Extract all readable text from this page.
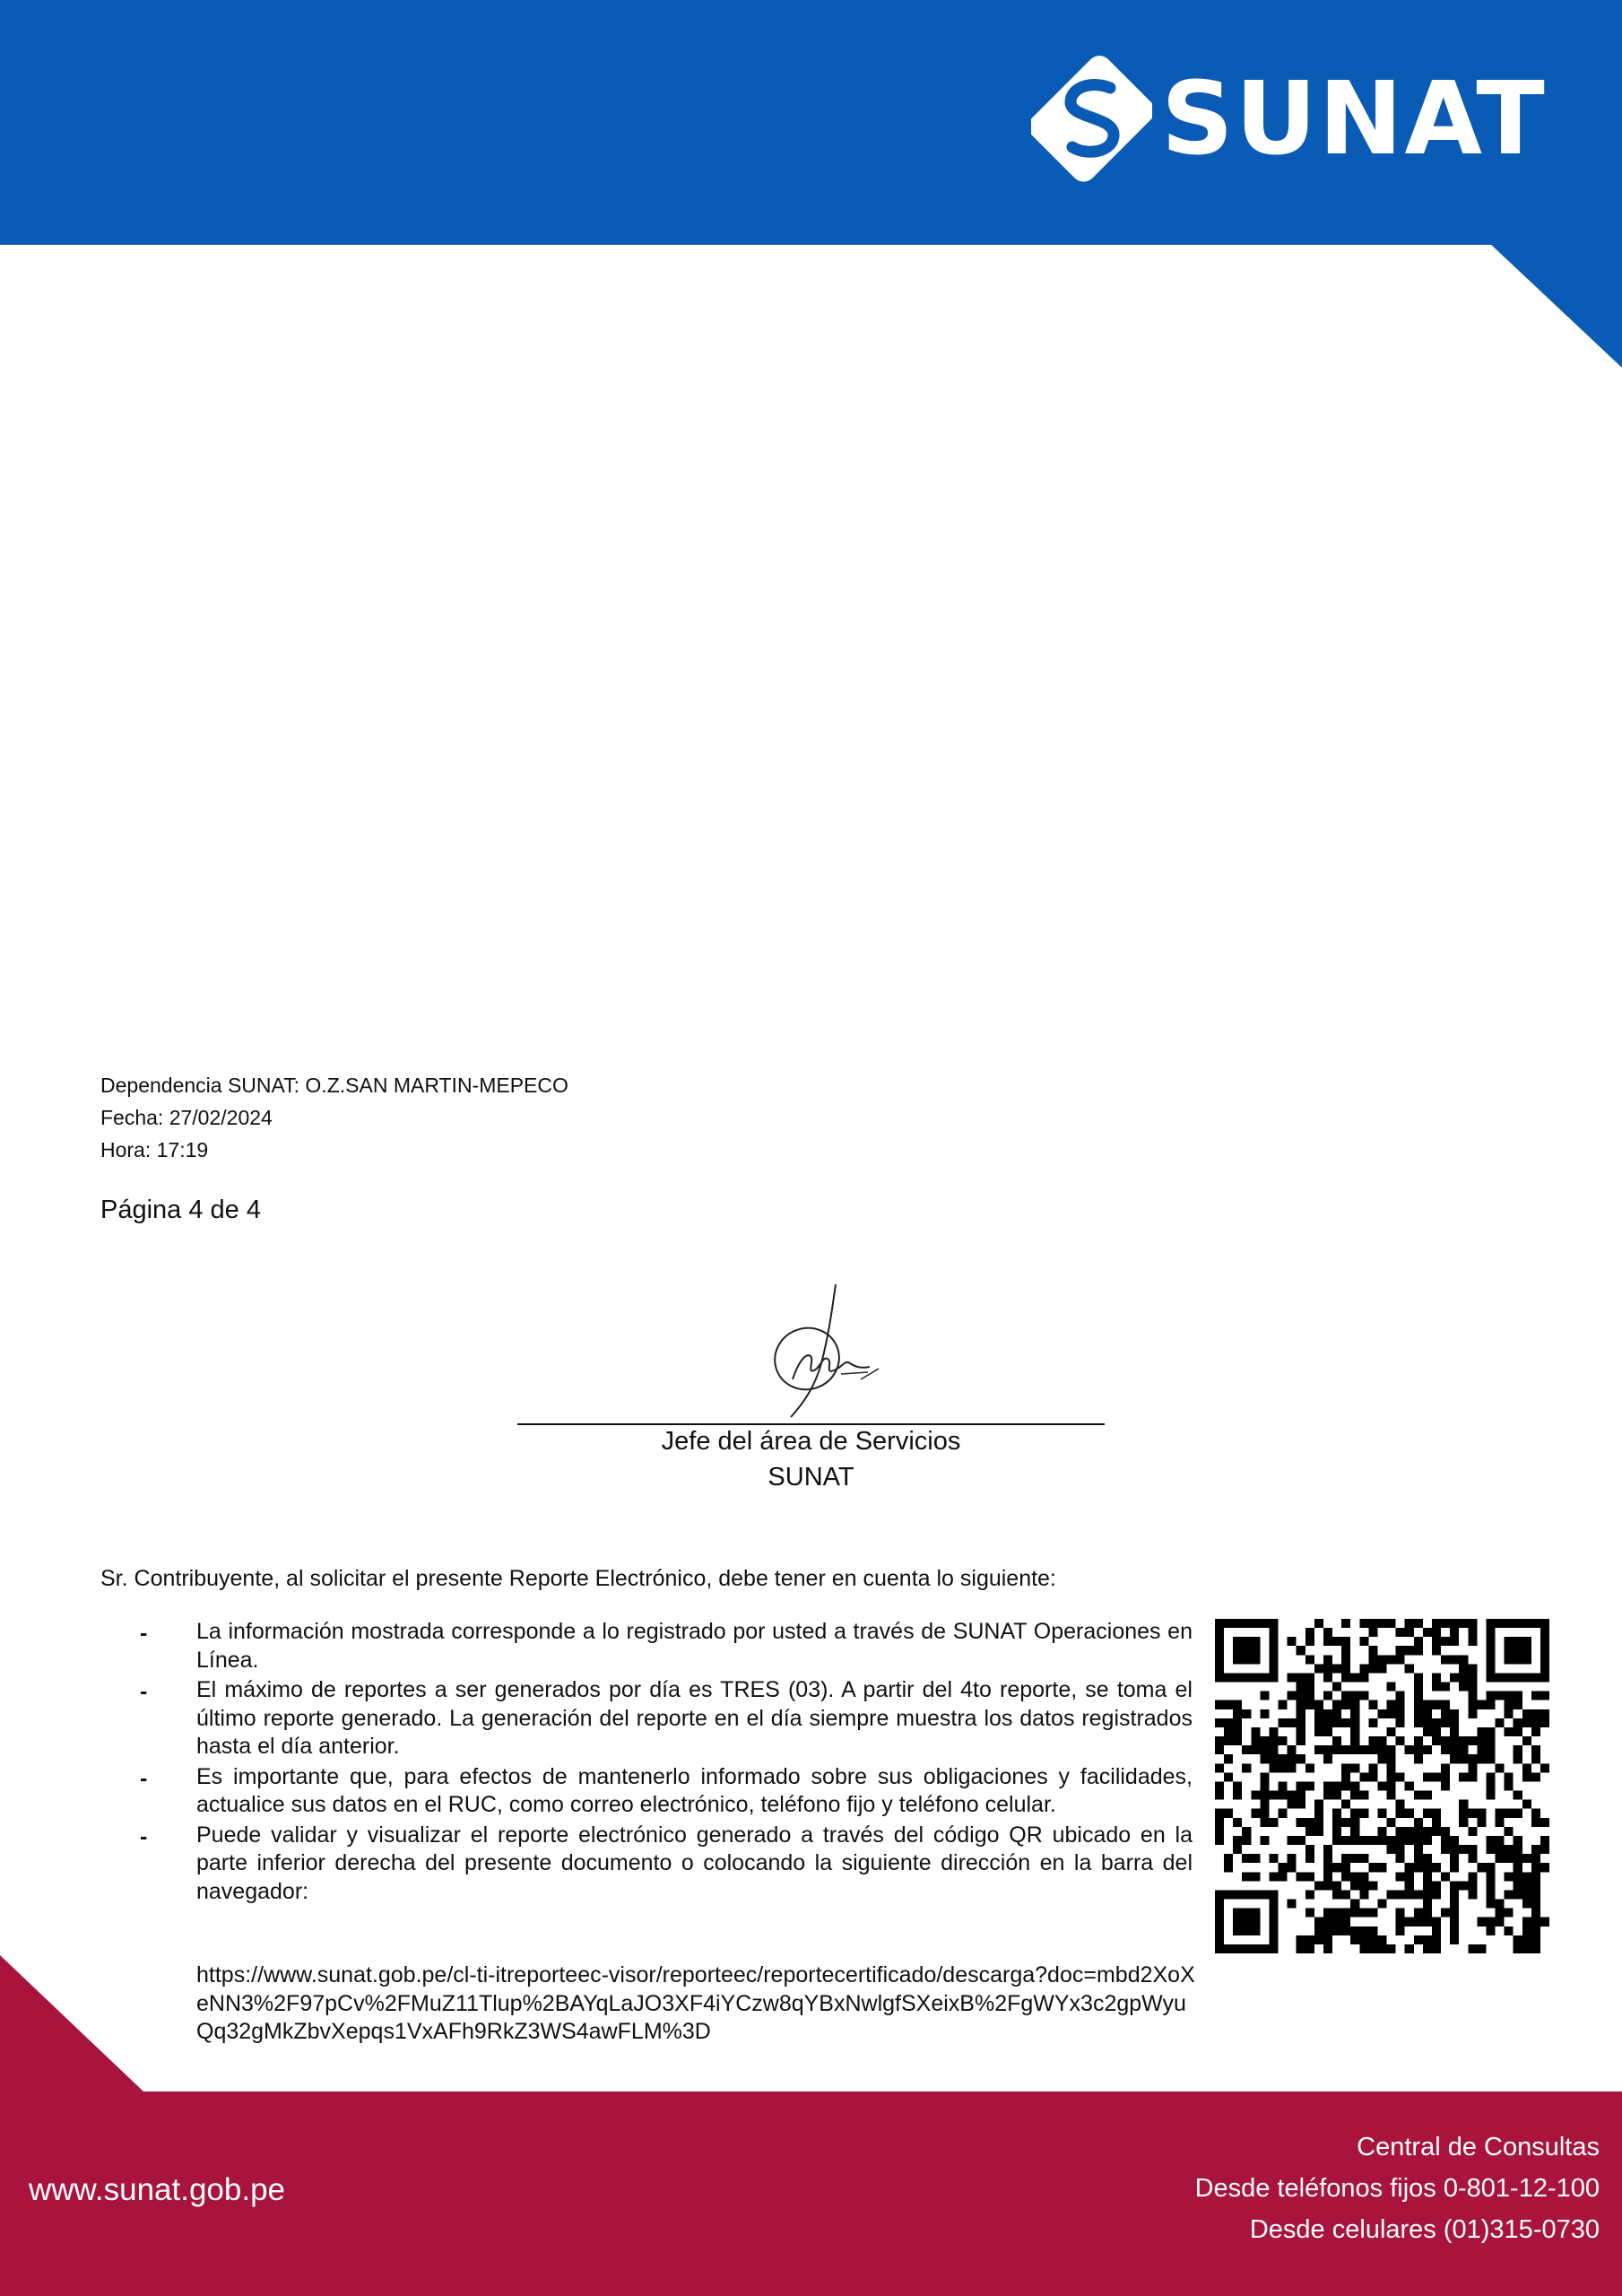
SUNAT
Dependencia SUNAT: O.Z.SAN MARTIN-MEPECO
Fecha: 27/02/2024
Hora: 17:19
Página 4 de 4
Jefe del área de Servicios
SUNAT
Sr. Contribuyente, al solicitar el presente Reporte Electrónico, debe tener en cuenta lo siguiente:
- La información mostrada corresponde a lo registrado por usted a través de SUNAT Operaciones en Línea.
- El máximo de reportes a ser generados por día es TRES (03). A partir del 4to reporte, se toma el último reporte generado. La generación del reporte en el día siempre muestra los datos registrados hasta el día anterior.
- Es importante que, para efectos de mantenerlo informado sobre sus obligaciones y facilidades, actualice sus datos en el RUC, como correo electrónico, teléfono fijo y teléfono celular.
- Puede validar y visualizar el reporte electrónico generado a través del código QR ubicado en la parte inferior derecha del presente documento o colocando la siguiente dirección en la barra del navegador:
https://www.sunat.gob.pe/cl-ti-itreporteec-visor/reporteec/reportecertificado/descarga?doc=mbd2XoXeNN3%2F97pCv%2FMuZ11Tlup%2BAYqLaJO3XF4iYCzw8qYBxNwlgfSXeixB%2FgWYx3c2gpWyuQq32gMkZbvXepqs1VxAFh9RkZ3WS4awFLM%3D
www.sunat.gob.pe
Central de Consultas
Desde teléfonos fijos 0-801-12-100
Desde celulares (01)315-0730
